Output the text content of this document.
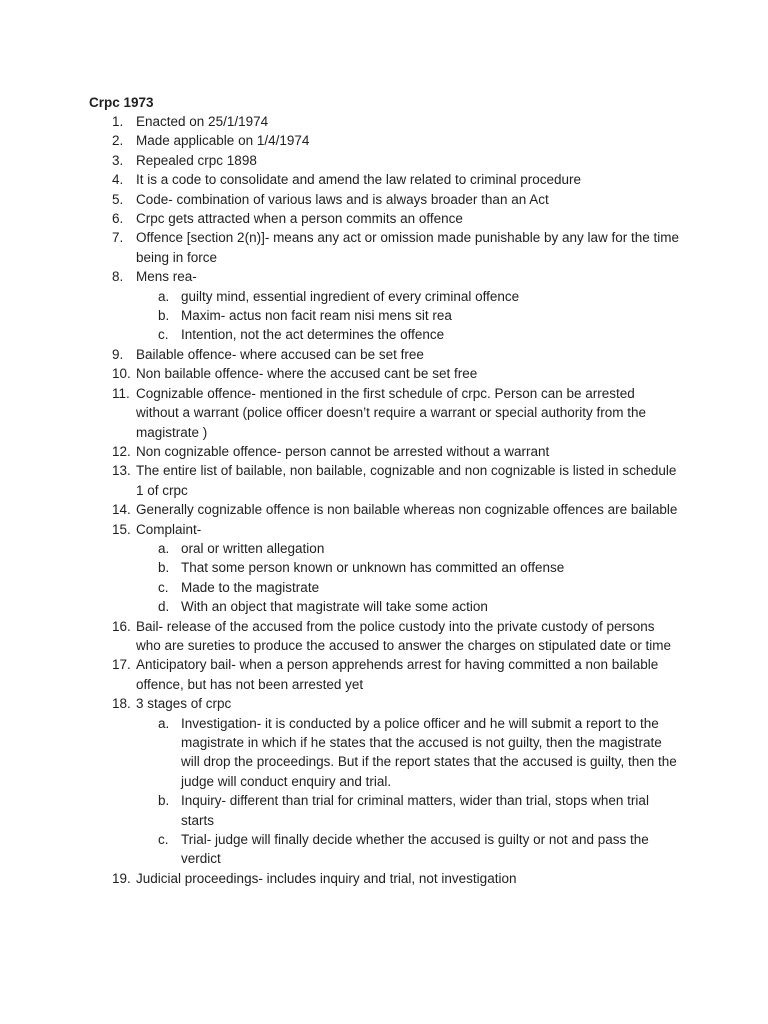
Crpc 1973
1. Enacted on 25/1/1974
2. Made applicable on 1/4/1974
3. Repealed crpc 1898
4. It is a code to consolidate and amend the law related to criminal procedure
5. Code- combination of various laws and is always broader than an Act
6. Crpc gets attracted when a person commits an offence
7. Offence [section 2(n)]- means any act or omission made punishable by any law for the time being in force
8. Mens rea-
a. guilty mind, essential ingredient of every criminal offence
b. Maxim- actus non facit ream nisi mens sit rea
c. Intention, not the act determines the offence
9. Bailable offence- where accused can be set free
10. Non bailable offence- where the accused cant be set free
11. Cognizable offence- mentioned in the first schedule of crpc. Person can be arrested without a warrant (police officer doesn’t require a warrant or special authority from the magistrate )
12. Non cognizable offence- person cannot be arrested without a warrant
13. The entire list of bailable, non bailable, cognizable and non cognizable is listed in schedule 1 of crpc
14. Generally cognizable offence is non bailable whereas non cognizable offences are bailable
15. Complaint-
a. oral or written allegation
b. That some person known or unknown has committed an offense
c. Made to the magistrate
d. With an object that magistrate will take some action
16. Bail- release of the accused from the police custody into the private custody of persons who are sureties to produce the accused to answer the charges on stipulated date or time
17. Anticipatory bail- when a person apprehends arrest for having committed a non bailable offence, but has not been arrested yet
18. 3 stages of crpc
a. Investigation- it is conducted by a police officer and he will submit a report to the magistrate in which if he states that the accused is not guilty, then the magistrate will drop the proceedings. But if the report states that the accused is guilty, then the judge will conduct enquiry and trial.
b. Inquiry- different than trial for criminal matters, wider than trial, stops when trial starts
c. Trial- judge will finally decide whether the accused is guilty or not and pass the verdict
19. Judicial proceedings- includes inquiry and trial, not investigation
